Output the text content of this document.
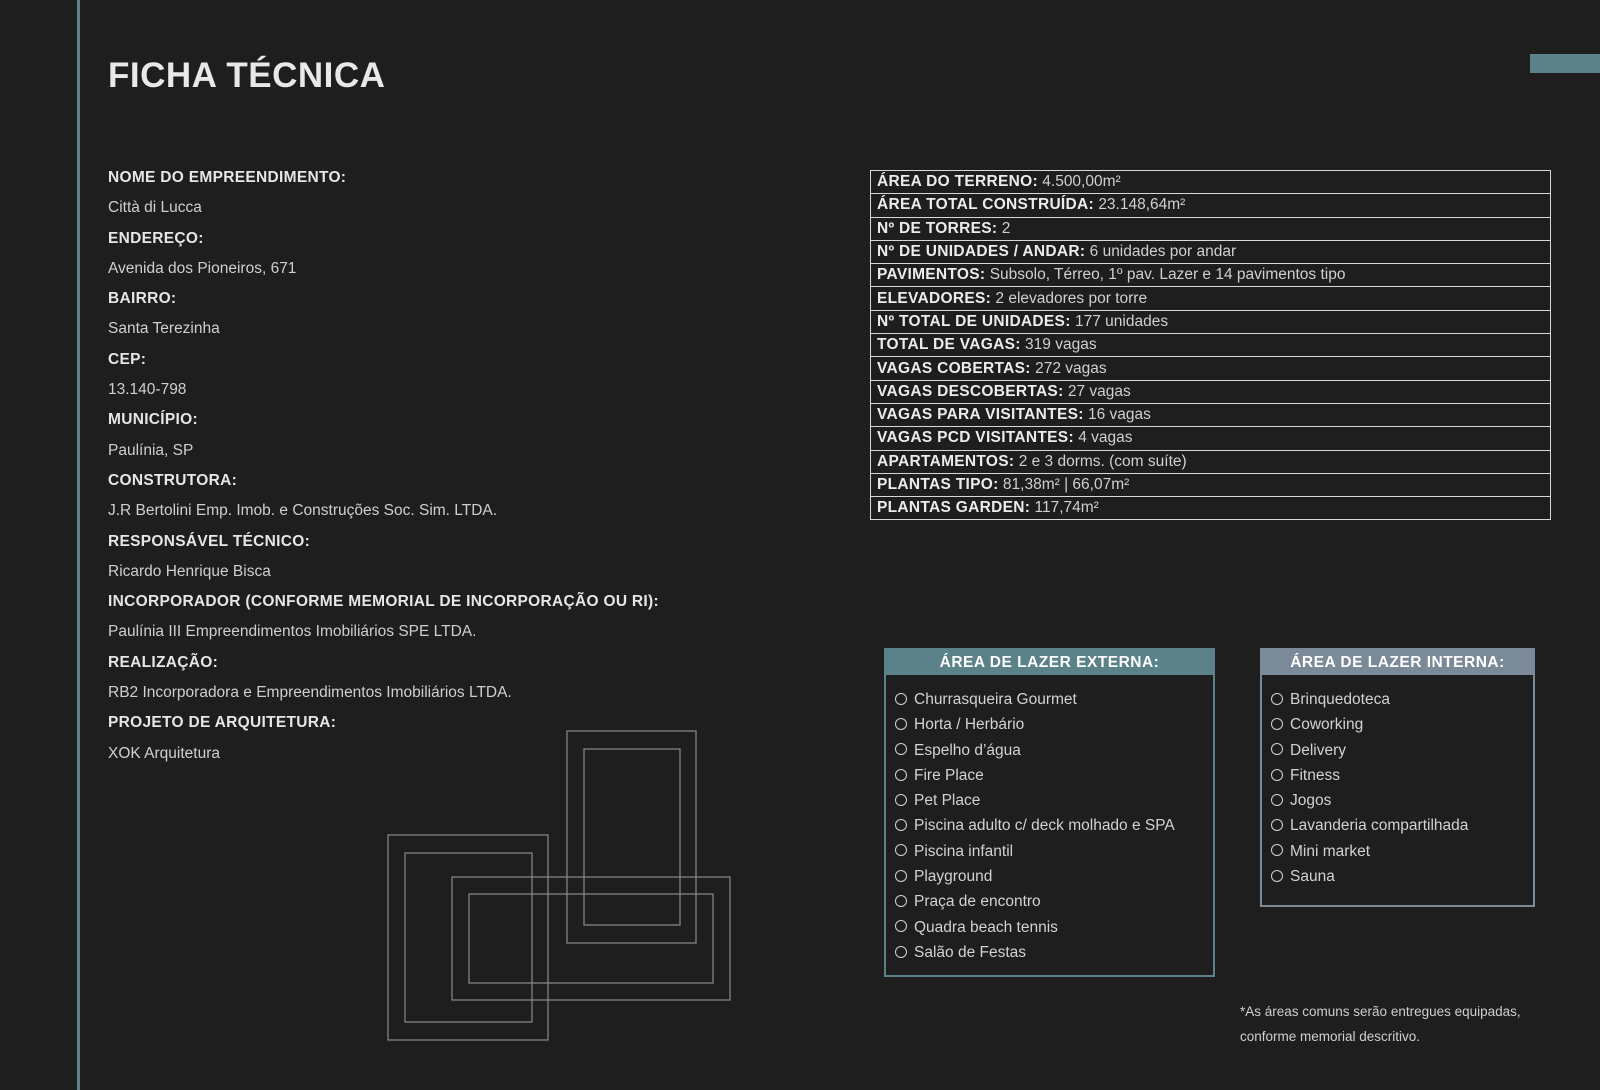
FICHA TÉCNICA
NOME DO EMPREENDIMENTO:
Città di Lucca
ENDEREÇO:
Avenida dos Pioneiros, 671
BAIRRO:
Santa Terezinha
CEP:
13.140-798
MUNICÍPIO:
Paulínia, SP
CONSTRUTORA:
J.R Bertolini Emp. Imob. e Construções Soc. Sim. LTDA.
RESPONSÁVEL TÉCNICO:
Ricardo Henrique Bisca
INCORPORADOR (CONFORME MEMORIAL DE INCORPORAÇÃO OU RI):
Paulínia III Empreendimentos Imobiliários SPE LTDA.
REALIZAÇÃO:
RB2 Incorporadora e Empreendimentos Imobiliários LTDA.
PROJETO DE ARQUITETURA:
XOK Arquitetura
ÁREA DO TERRENO: 4.500,00m²
ÁREA TOTAL CONSTRUÍDA: 23.148,64m²
Nº DE TORRES: 2
Nº DE UNIDADES / ANDAR: 6 unidades por andar
PAVIMENTOS: Subsolo, Térreo, 1º pav. Lazer e 14 pavimentos tipo
ELEVADORES: 2 elevadores por torre
Nº TOTAL DE UNIDADES: 177 unidades
TOTAL DE VAGAS: 319 vagas
VAGAS COBERTAS: 272 vagas
VAGAS DESCOBERTAS: 27 vagas
VAGAS PARA VISITANTES: 16 vagas
VAGAS PCD VISITANTES: 4 vagas
APARTAMENTOS: 2 e 3 dorms. (com suíte)
PLANTAS TIPO: 81,38m² | 66,07m²
PLANTAS GARDEN: 117,74m²
ÁREA DE LAZER EXTERNA:
Churrasqueira Gourmet
Horta / Herbário
Espelho d’água
Fire Place
Pet Place
Piscina adulto c/ deck molhado e SPA
Piscina infantil
Playground
Praça de encontro
Quadra beach tennis
Salão de Festas
ÁREA DE LAZER INTERNA:
Brinquedoteca
Coworking
Delivery
Fitness
Jogos
Lavanderia compartilhada
Mini market
Sauna
*As áreas comuns serão entregues equipadas,
conforme memorial descritivo.
